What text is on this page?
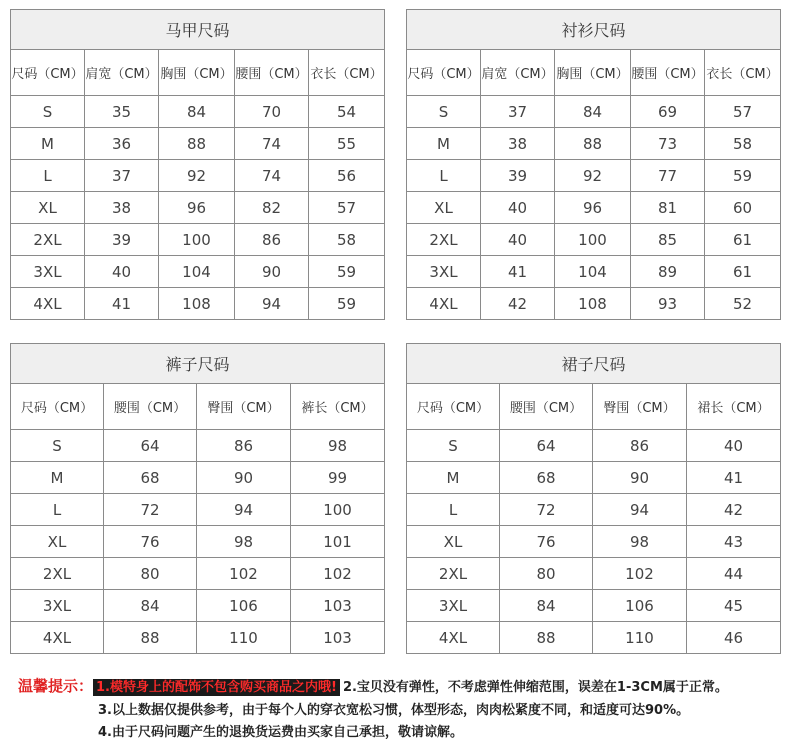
马甲尺码				
尺码（CM）	肩宽（CM）	胸围（CM）	腰围（CM）	衣长（CM）
S	35	84	70	54
M	36	88	74	55
L	37	92	74	56
XL	38	96	82	57
2XL	39	100	86	58
3XL	40	104	90	59
4XL	41	108	94	59
衬衫尺码				
尺码（CM）	肩宽（CM）	胸围（CM）	腰围（CM）	衣长（CM）
S	37	84	69	57
M	38	88	73	58
L	39	92	77	59
XL	40	96	81	60
2XL	40	100	85	61
3XL	41	104	89	61
4XL	42	108	93	52
裤子尺码			
尺码（CM）	腰围（CM）	臀围（CM）	裤长（CM）
S	64	86	98
M	68	90	99
L	72	94	100
XL	76	98	101
2XL	80	102	102
3XL	84	106	103
4XL	88	110	103
裙子尺码			
尺码（CM）	腰围（CM）	臀围（CM）	裙长（CM）
S	64	86	40
M	68	90	41
L	72	94	42
XL	76	98	43
2XL	80	102	44
3XL	84	106	45
4XL	88	110	46
温馨提示： 1.模特身上的配饰不包含购买商品之内哦! 2.宝贝没有弹性，不考虑弹性伸缩范围，误差在1-3CM属于正常。
3.以上数据仅提供参考，由于每个人的穿衣宽松习惯，体型形态，肉肉松紧度不同，和适度可达90%。
4.由于尺码问题产生的退换货运费由买家自己承担，敬请谅解。
